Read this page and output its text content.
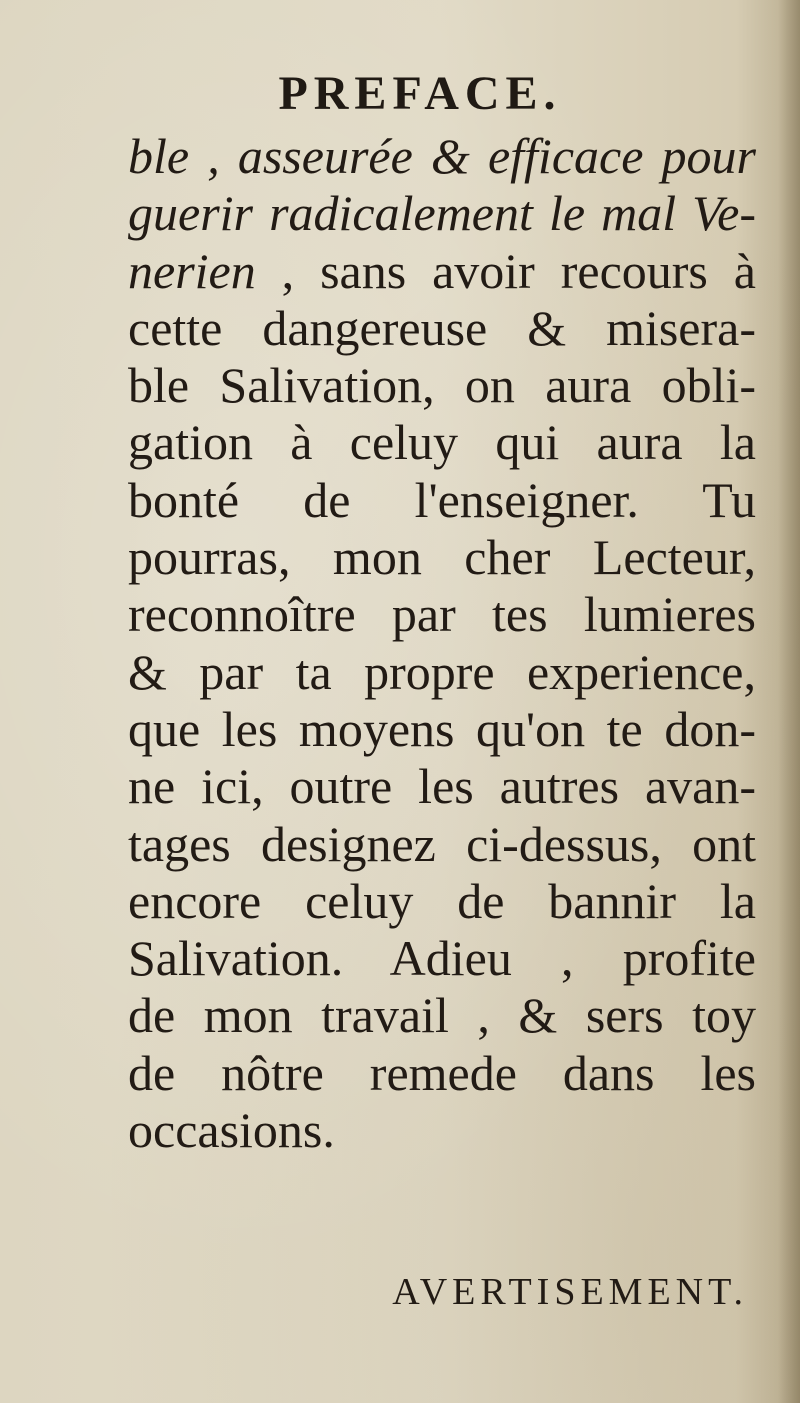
PREFACE.
ble , asseurée & efficace pour
guerir radicalement le mal Ve-
nerien , sans avoir recours à
cette dangereuse & misera-
ble Salivation, on aura obli-
gation à celuy qui aura la
bonté de l'enseigner. Tu
pourras, mon cher Lecteur,
reconnoître par tes lumieres
& par ta propre experience,
que les moyens qu'on te don-
ne ici, outre les autres avan-
tages designez ci-dessus, ont
encore celuy de bannir la
Salivation. Adieu , profite
de mon travail , & sers toy
de nôtre remede dans les
occasions.

AVERTISEMENT.
